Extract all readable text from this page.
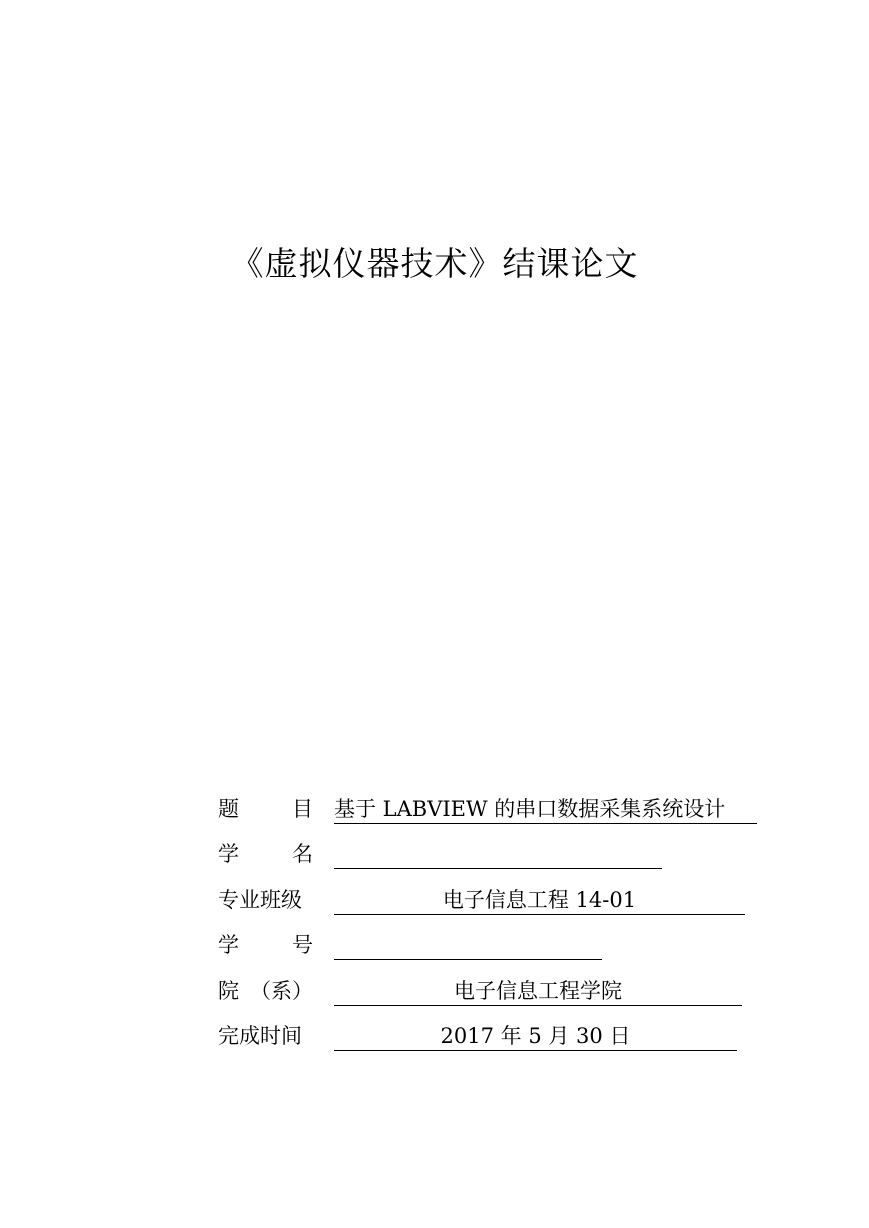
《虚拟仪器技术》结课论文
题	目 基于 LABVIEW 的串口数据采集系统设计
学	名
专业班级	电子信息工程 14-01
学	号
院 （系）	电子信息工程学院
完成时间	2017 年 5 月 30 日
